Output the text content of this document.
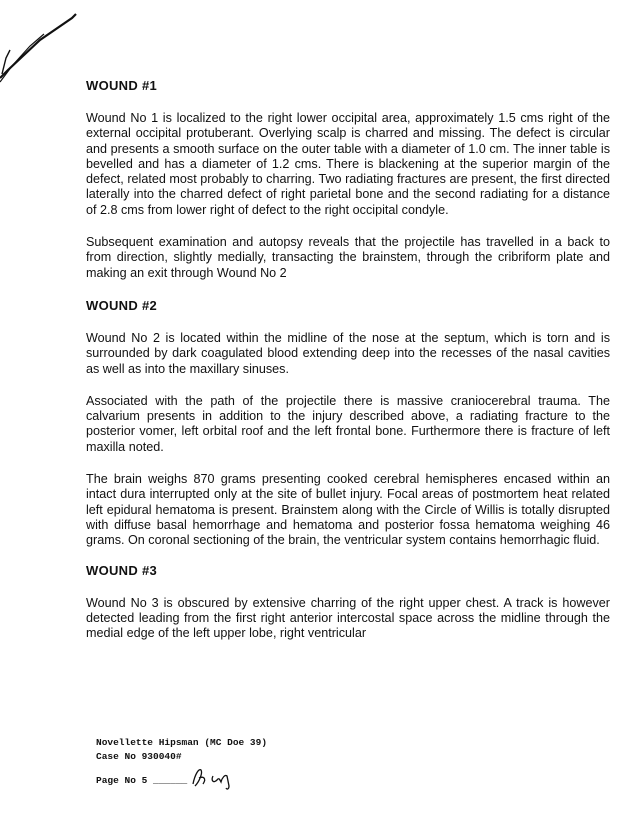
WOUND #1

Wound No 1 is localized to the right lower occipital area, approximately 1.5 cms right of the external occipital protuberant. Overlying scalp is charred and missing. The defect is circular and presents a smooth surface on the outer table with a diameter of 1.0 cm. The inner table is bevelled and has a diameter of 1.2 cms. There is blackening at the superior margin of the defect, related most probably to charring. Two radiating fractures are present, the first directed laterally into the charred defect of right parietal bone and the second radiating for a distance of 2.8 cms from lower right of defect to the right occipital condyle.

Subsequent examination and autopsy reveals that the projectile has travelled in a back to from direction, slightly medially, transacting the brainstem, through the cribriform plate and making an exit through Wound No 2

WOUND #2

Wound No 2 is located within the midline of the nose at the septum, which is torn and is surrounded by dark coagulated blood extending deep into the recesses of the nasal cavities as well as into the maxillary sinuses.

Associated with the path of the projectile there is massive craniocerebral trauma. The calvarium presents in addition to the injury described above, a radiating fracture to the posterior vomer, left orbital roof and the left frontal bone. Furthermore there is fracture of left maxilla noted.

The brain weighs 870 grams presenting cooked cerebral hemispheres encased within an intact dura interrupted only at the site of bullet injury. Focal areas of postmortem heat related left epidural hematoma is present. Brainstem along with the Circle of Willis is totally disrupted with diffuse basal hemorrhage and hematoma and posterior fossa hematoma weighing 46 grams. On coronal sectioning of the brain, the ventricular system contains hemorrhagic fluid.

WOUND #3

Wound No 3 is obscured by extensive charring of the right upper chest. A track is however detected leading from the first right anterior intercostal space across the midline through the medial edge of the left upper lobe, right ventricular

Novellette Hipsman (MC Doe 39)
Case No 930040#
Page No 5 ______
